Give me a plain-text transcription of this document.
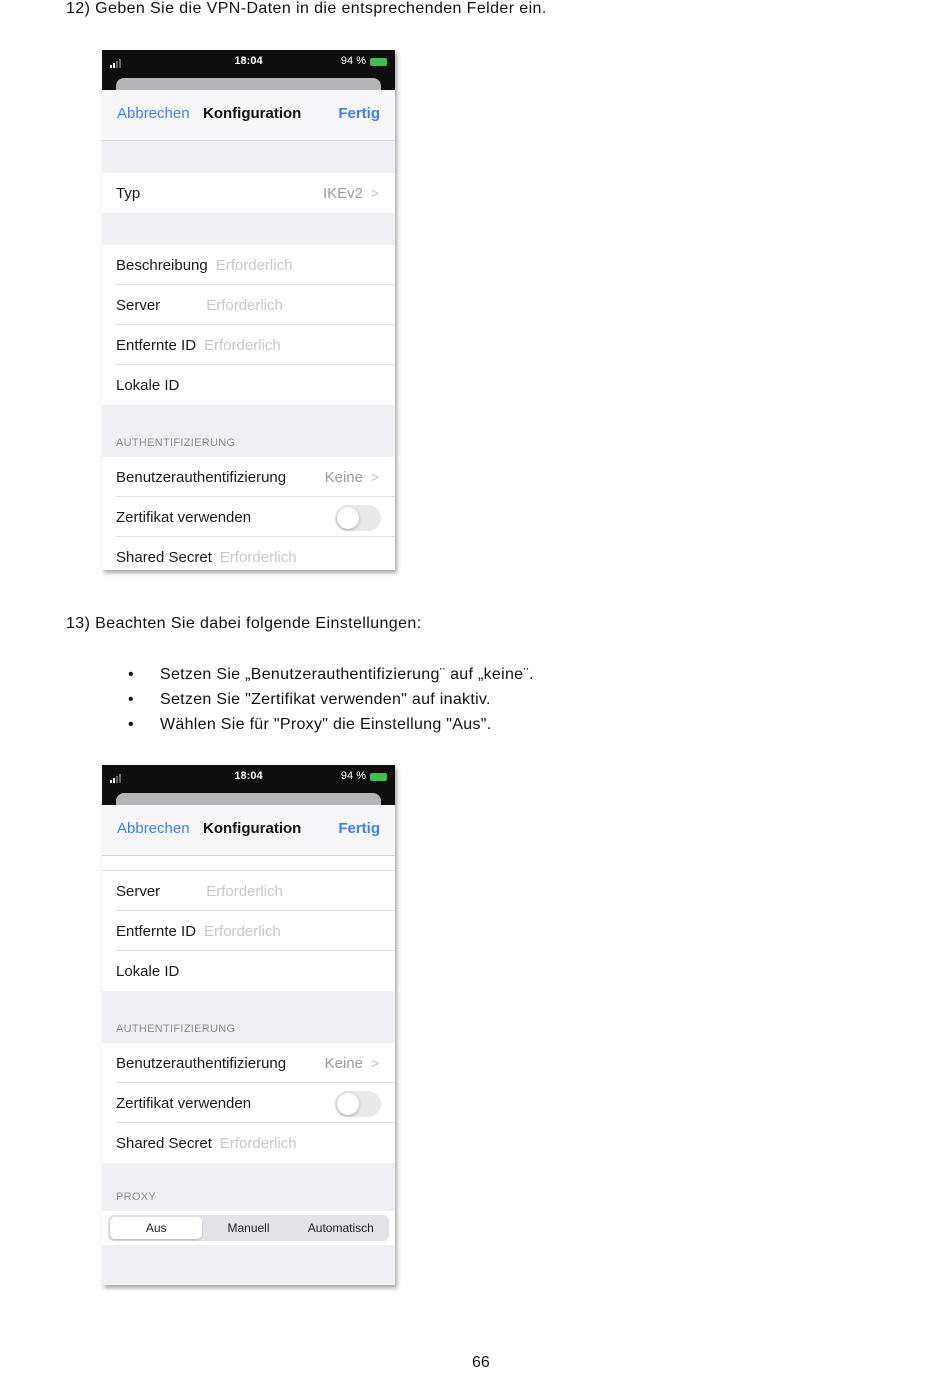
12) Geben Sie die VPN-Daten in die entsprechenden Felder ein.
18:04	94 %
Abbrechen Konfiguration Fertig
Typ	IKEv2 >
Beschreibung Erforderlich
Server	Erforderlich
Entfernte ID Erforderlich
Lokale ID
AUTHENTIFIZIERUNG
Benutzerauthentifizierung	Keine >
Zertifikat verwenden
Shared Secret Erforderlich
13) Beachten Sie dabei folgende Einstellungen:
• Setzen Sie „Benutzerauthentifizierung¨ auf „keine¨.
• Setzen Sie "Zertifikat verwenden" auf inaktiv.
• Wählen Sie für "Proxy" die Einstellung "Aus".
18:04	94 %
Abbrechen Konfiguration Fertig
Server	Erforderlich
Entfernte ID Erforderlich
Lokale ID
AUTHENTIFIZIERUNG
Benutzerauthentifizierung	Keine >
Zertifikat verwenden
Shared Secret Erforderlich
PROXY
Aus	Manuell	Automatisch
66
